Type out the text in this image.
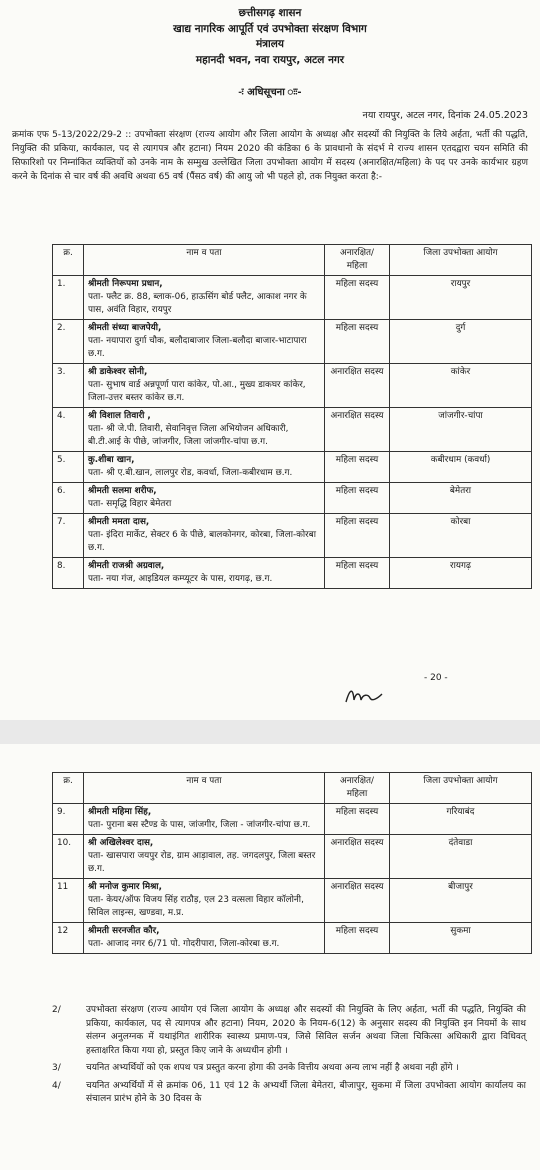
छत्तीसगढ़ शासन
खाद्य नागरिक आपूर्ति एवं उपभोक्ता संरक्षण विभाग
मंत्रालय
महानदी भवन, नवा रायपुर, अटल नगर
-ः अधिसूचना ःः-
नया रायपुर, अटल नगर, दिनांक 24.05.2023
क्रमांक एफ 5-13/2022/29-2 :: उपभोक्ता संरक्षण (राज्य आयोग और जिला आयोग के अध्यक्ष और सदस्यों की नियुक्ति के लिये अर्हता, भर्ती की पद्धति, नियुक्ति की प्रकिया, कार्यकाल, पद से त्यागपत्र और हटाना) नियम 2020 की कंडिका 6 के प्रावधानो के संदर्भ मे राज्य शासन एतदद्वारा चयन समिति की सिफारिशो पर निम्नांकित व्यक्तियों को उनके नाम के सम्मुख उल्लेखित जिला उपभोक्ता आयोग में सदस्य (अनारक्षित/महिला) के पद पर उनके कार्यभार ग्रहण करने के दिनांक से चार वर्ष की अवधि अथवा 65 वर्ष (पैंसठ वर्ष) की आयु जो भी पहले हो, तक नियुक्त करता है:-
क्र.	नाम व पता	अनारक्षित/ महिला	जिला उपभोक्ता आयोग
1.	श्रीमती निरूपमा प्रधान,
पता- फ्लैट क्र. 88, ब्लाक-06, हाऊसिंग बोर्ड फ्लैट, आकाश नगर के पास, अवंति विहार, रायपुर	महिला सदस्य	रायपुर
2.	श्रीमती संध्या बाजपेयी,
पता- नयापारा दुर्गा चौक, बलौदाबाजार जिला-बलौदा बाजार-भाटापारा छ.ग.	महिला सदस्य	दुर्ग
3.	श्री डाकेश्वर सोनी,
पता- सुभाष वार्ड अन्नपूर्णा पारा कांकेर, पो.आ., मुख्य डाकघर कांकेर, जिला-उत्तर बस्तर कांकेर छ.ग.	अनारक्षित सदस्य	कांकेर
4.	श्री विशाल तिवारी ,
पता- श्री जे.पी. तिवारी, सेवानिवृत्त जिला अभियोजन अधिकारी, बी.टी.आई के पीछे, जांजगीर, जिला जांजगीर-चांपा छ.ग.	अनारक्षित सदस्य	जांजगीर-चांपा
5.	कु.शीबा खान,
पता- श्री ए.बी.खान, लालपुर रोड, कवर्धा, जिला-कबीरधाम छ.ग.	महिला सदस्य	कबीरधाम (कवर्धा)
6.	श्रीमती सलमा शरीफ,
पता- समृद्धि विहार बेमेतरा	महिला सदस्य	बेमेतरा
7.	श्रीमती ममता दास,
पता- इंदिरा मार्केट, सेक्टर 6 के पीछे, बालकोनगर, कोरबा, जिला-कोरबा छ.ग.	महिला सदस्य	कोरबा
8.	श्रीमती राजश्री अग्रवाल,
पता- नया गंज, आइडियल कम्प्यूटर के पास, रायगढ़, छ.ग.	महिला सदस्य	रायगढ़
- 20 -
क्र.	नाम व पता	अनारक्षित/ महिला	जिला उपभोक्ता आयोग
9.	श्रीमती महिमा सिंह,
पता- पुराना बस स्टैण्ड के पास, जांजगीर, जिला - जांजगीर-चांपा छ.ग.	महिला सदस्य	गरियाबंद
10.	श्री अखिलेश्वर दास,
पता- खासपारा जयपुर रोड, ग्राम आड़ावाल, तह. जगदलपुर, जिला बस्तर छ.ग.	अनारक्षित सदस्य	दंतेवाडा
11	श्री मनोज कुमार मिश्रा,
पता- केयर/ऑफ विजय सिंह राठौड़, एल 23 वत्सला विहार कॉलोनी, सिविल लाइन्स, खण्डवा, म.प्र.	अनारक्षित सदस्य	बीजापुर
12	श्रीमती सरनजीत कौर,
पता- आजाद नगर 6/71 पो. गोदरीपारा, जिला-कोरबा छ.ग.	महिला सदस्य	सुकमा
2/	उपभोक्ता संरक्षण (राज्य आयोग एवं जिला आयोग के अध्यक्ष और सदस्यों की नियुक्ति के लिए अर्हता, भर्ती की पद्धति, नियुक्ति की प्रकिया, कार्यकाल, पद से त्यागपत्र और हटाना) नियम, 2020 के नियम-6(12) के अनुसार सदस्य की नियुक्ति इन नियमों के साथ संलग्न अनुलग्नक में यथाइंगित शारीरिक स्वास्थ्य प्रमाण-पत्र, जिसे सिविल सर्जन अथवा जिला चिकित्सा अधिकारी द्वारा विधिवत् हस्ताक्षरित किया गया हो, प्रस्तुत किए जाने के अध्यधीन होगी ।
3/	चयनित अभ्यर्थियों को एक शपथ पत्र प्रस्तुत करना होगा की उनके वित्तीय अथवा अन्य लाभ नहीं है अथवा नही होंगे ।
4/	चयनित अभ्यर्थियों में से क्रमांक 06, 11 एवं 12 के अभ्यर्थी जिला बेमेतरा, बीजापुर, सुकमा में जिला उपभोक्ता आयोग कार्यालय का संचालन प्रारंभ होने के 30 दिवस के
